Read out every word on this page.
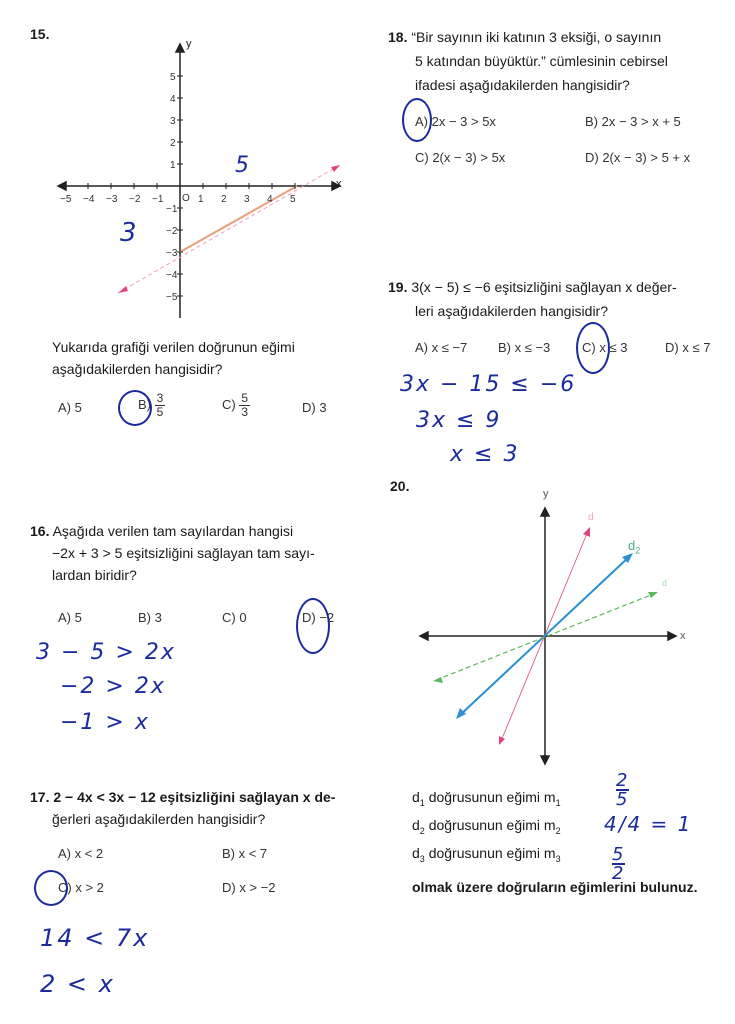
15.
−5 −4 −3 −2 −1 O 1 2 3 4 5
1
2
3
4
5
−1
−2
−3
−4
−5
y
x
5
3
Yukarıda grafiği verilen doğrunun eğimi
aşağıdakilerden hangisidir?
A) 5	$B) \frac{3}{5}$	$C) \frac{5}{3}$	D) 3
16. Aşağıda verilen tam sayılardan hangisi
−2x + 3 > 5 eşitsizliğini sağlayan tam sayı-
lardan biridir?
A) 5	B) 3	C) 0	D) −2
3 − 5 > 2x
−2 > 2x
−1 > x
17. 2 − 4x < 3x − 12 eşitsizliğini sağlayan x de-
ğerleri aşağıdakilerden hangisidir?
A) x < 2	B) x < 7
C) x > 2	D) x > −2
14 < 7x
2 < x
18. “Bir sayının iki katının 3 eksiği, o sayının
5 katından büyüktür.” cümlesinin cebirsel
ifadesi aşağıdakilerden hangisidir?
A) 2x − 3 > 5x	B) 2x − 3 > x + 5
C) 2(x − 3) > 5x	D) 2(x − 3) > 5 + x
19. 3(x − 5) ≤ −6 eşitsizliğini sağlayan x değer-
leri aşağıdakilerden hangisidir?
A) x ≤ −7 B) x ≤ −3 C) x ≤ 3	D) x ≤ 7
3x − 15 ≤ −6
3x ≤ 9
x ≤ 3
20.	y
x
d
$d_2$
d
$d_1$ doğrusunun eğimi $m_1$
2
5
$d_2$ doğrusunun eğimi $m_2$ 4/4 = 1
$d_3$ doğrusunun eğimi $m_3$	5
2
olmak üzere doğruların eğimlerini bulunuz.
